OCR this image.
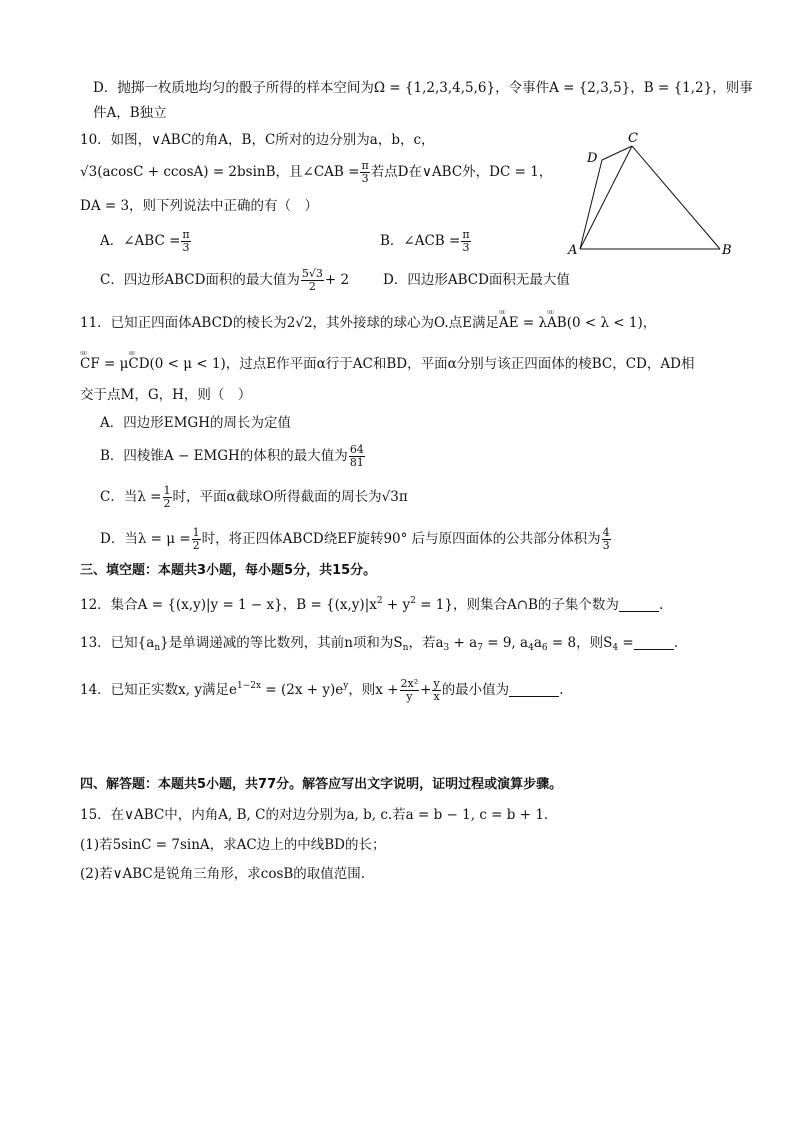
D．抛掷一枚质地均匀的骰子所得的样本空间为Ω = {1,2,3,4,5,6}，令事件A = {2,3,5}，B = {1,2}，则事
件A，B独立
10．如图，∨ABC的角A，B，C所对的边分别为a，b，c，
√3(acosC + ccosA) = 2bsinB，且∠CAB = $\frac{\pi}{3}$ 若点D在∨ABC外，DC = 1，
DA = 3，则下列说法中正确的有（　）
A．∠ABC = $\frac{\pi}{3}$	B．∠ACB = $\frac{\pi}{3}$
C．四边形ABCD面积的最大值为 $\frac{5√3}{2} + 2$	D．四边形ABCD面积无最大值
A	B
C
D
11．已知正四面体ABCD的棱长为2√2，其外接球的球心为O.点E满足ᵁᵁᵁ AE = λᵁᵁᵁ AB(0 < λ < 1)，
ᵁᵁᵁ CF = μᵁᵁᵁ CD(0 < μ < 1)，过点E作平面α行于AC和BD，平面α分别与该正四面体的棱BC，CD，AD相
交于点M，G，H，则（　）
A．四边形EMGH的周长为定值
B．四棱锥A − EMGH的体积的最大值为 $\frac{64}{81}$
C．当$\lambda = \frac{1}{2}$ 时，平面α截球O所得截面的周长为√3π
D．当$\lambda = \mu = \frac{1}{2}$ 时，将正四体ABCD绕EF旋转90° 后与原四面体的公共部分体积为 $\frac{4}{3}$
三、填空题：本题共3小题，每小题5分，共15分。
12．集合A = {(x,y)|y = 1 − x}，$B = \{(x,y)|x^2 + y^2 = 1\}$，则集合A∩B的子集个数为	.
13．已知$\{a_n\}$是单调递减的等比数列，其前n项和为$S_n$，若$a_3 + a_7 = 9$, $a_4a_6 = 8$，则$S_4$ =	.
14．已知正实数x, y满足$e^{1-2x} = (2x + y)e^y$，则$x + \frac{\text{2x²}}{y} + \frac{y}{x}$ 的最小值为	.
四、解答题：本题共5小题，共77分。解答应写出文字说明，证明过程或演算步骤。
15．在∨ABC中，内角A, B, C的对边分别为a, b, c.若a = b − 1, c = b + 1.
(1)若5sinC = 7sinA，求AC边上的中线BD的长；
(2)若∨ABC是锐角三角形，求cosB的取值范围.
